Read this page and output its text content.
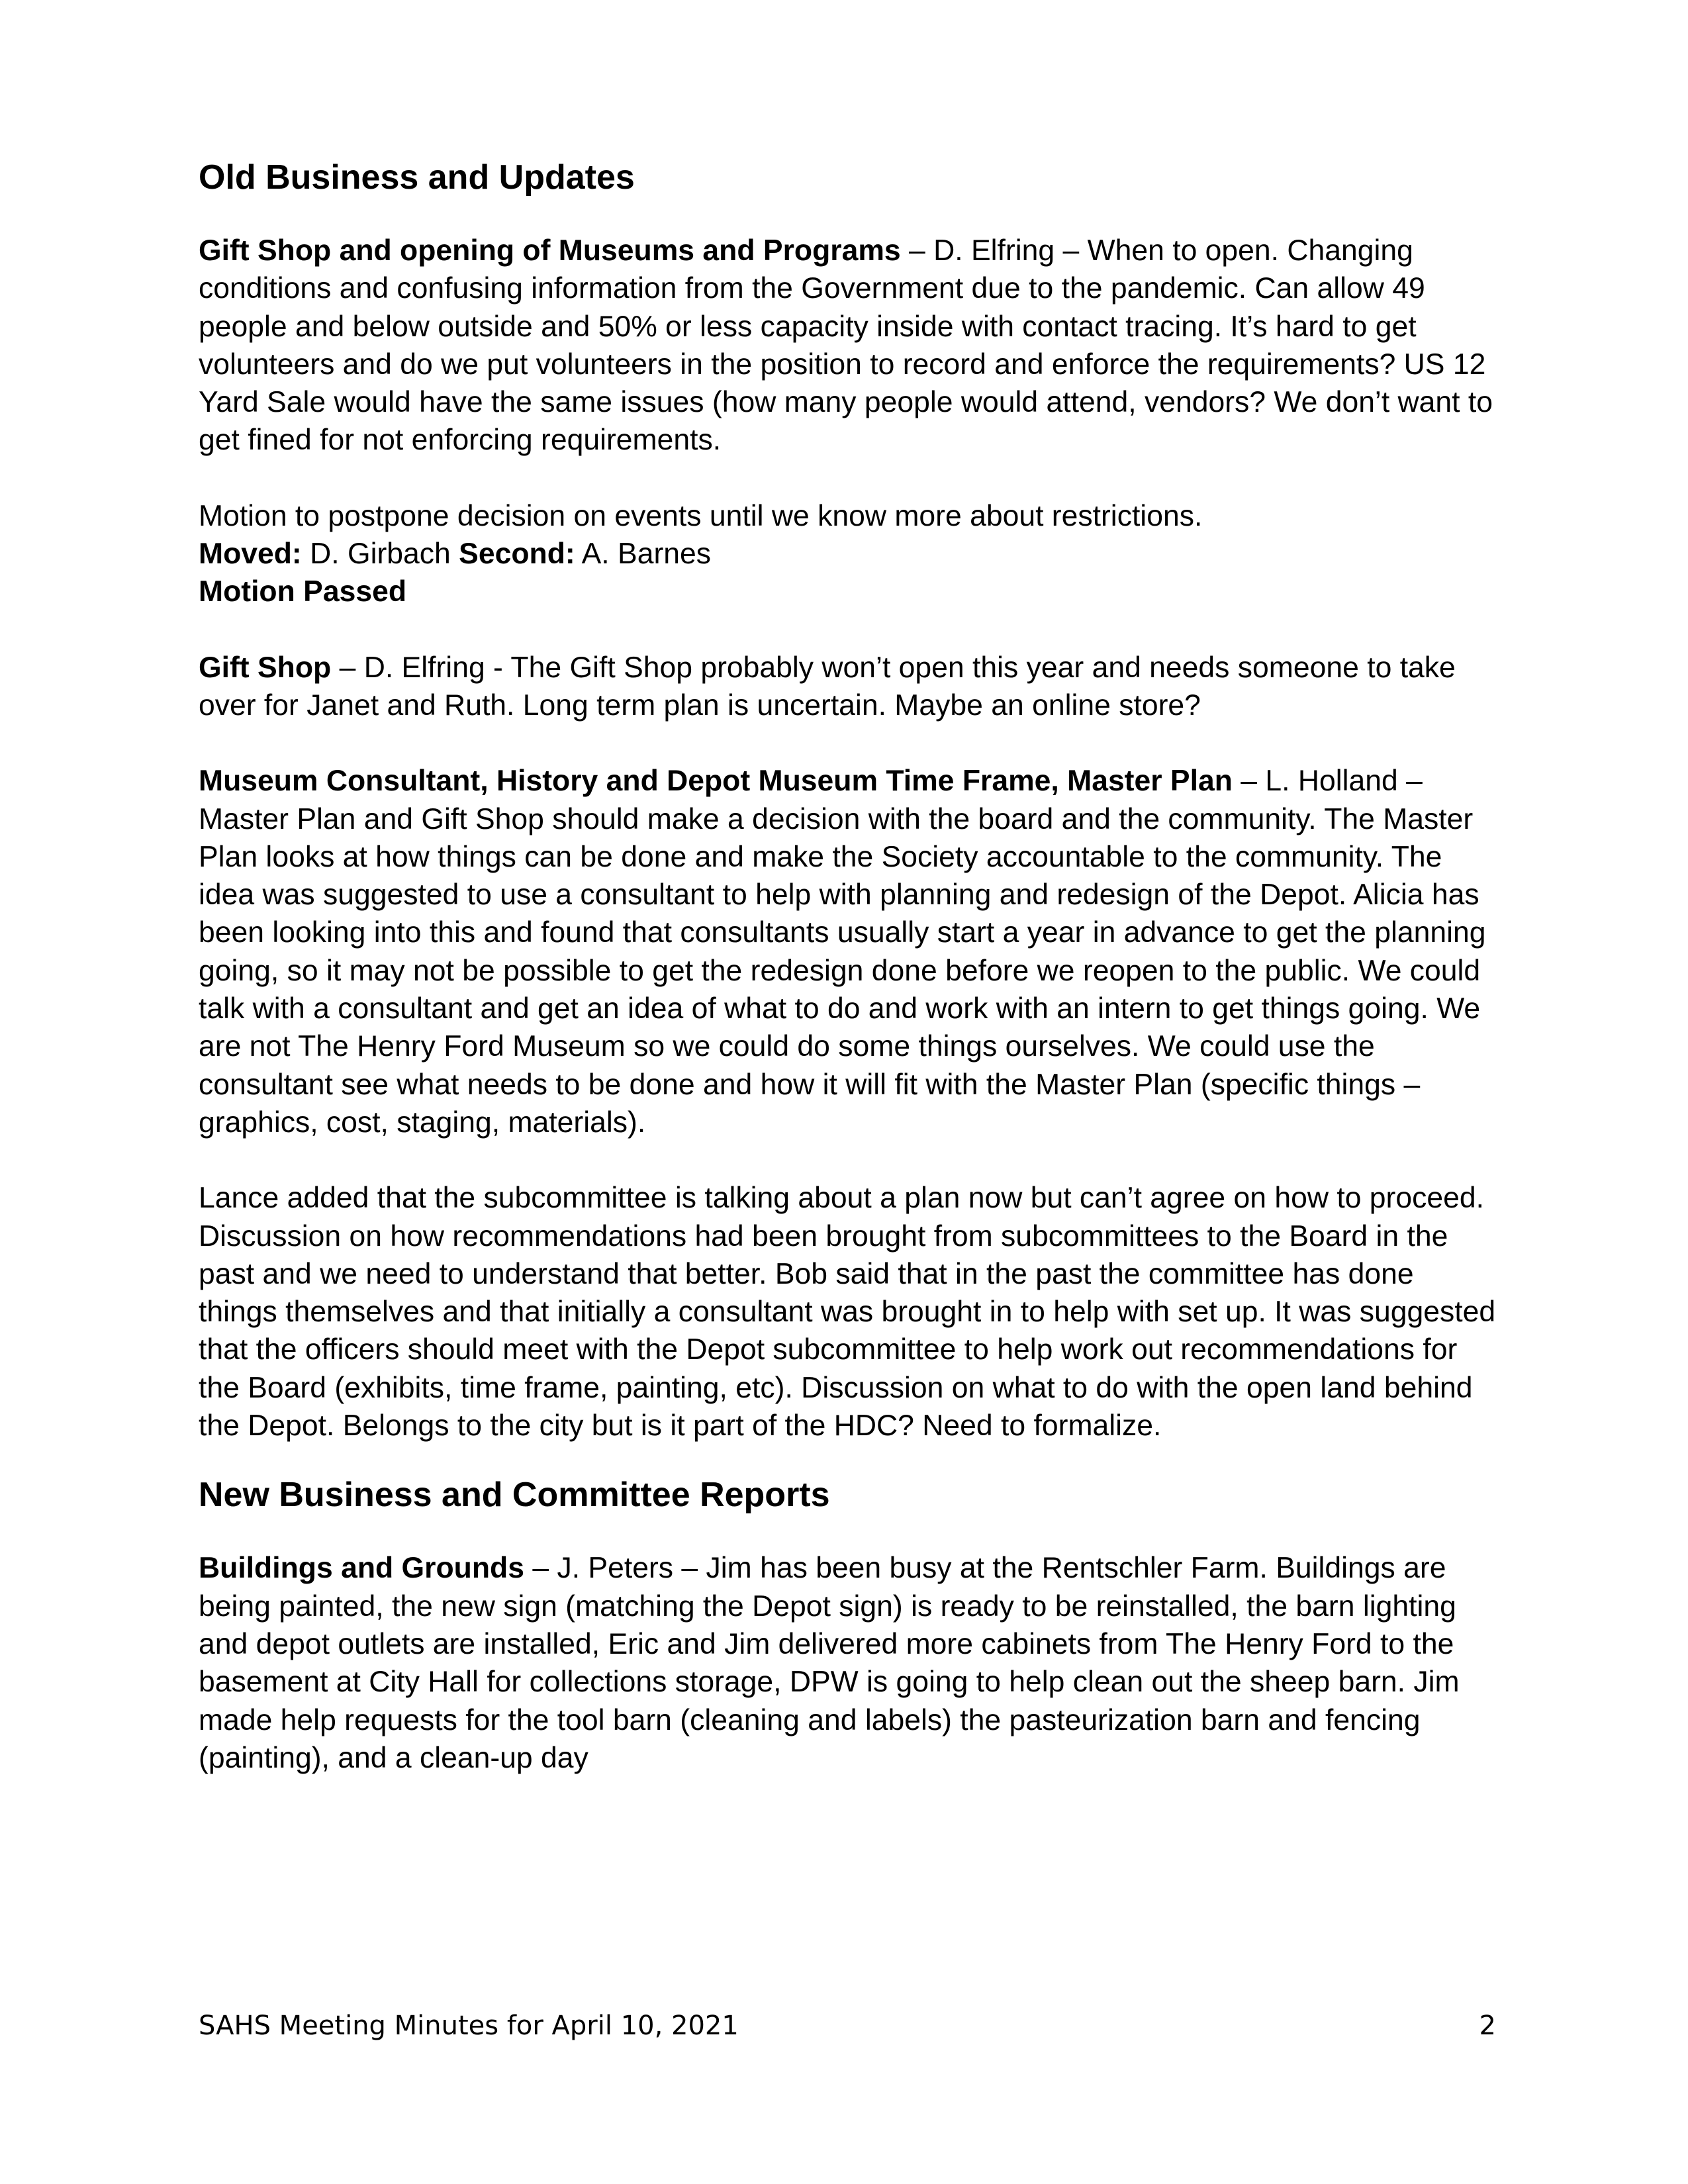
Old Business and Updates

Gift Shop and opening of Museums and Programs – D. Elfring – When to open. Changing conditions and confusing information from the Government due to the pandemic. Can allow 49 people and below outside and 50% or less capacity inside with contact tracing. It’s hard to get volunteers and do we put volunteers in the position to record and enforce the requirements? US 12 Yard Sale would have the same issues (how many people would attend, vendors? We don’t want to get fined for not enforcing requirements.

Motion to postpone decision on events until we know more about restrictions.

Moved: D. Girbach Second: A. Barnes

Motion Passed

Gift Shop – D. Elfring - The Gift Shop probably won’t open this year and needs someone to take over for Janet and Ruth. Long term plan is uncertain. Maybe an online store?

Museum Consultant, History and Depot Museum Time Frame, Master Plan – L. Holland – Master Plan and Gift Shop should make a decision with the board and the community. The Master Plan looks at how things can be done and make the Society accountable to the community. The idea was suggested to use a consultant to help with planning and redesign of the Depot. Alicia has been looking into this and found that consultants usually start a year in advance to get the planning going, so it may not be possible to get the redesign done before we reopen to the public. We could talk with a consultant and get an idea of what to do and work with an intern to get things going. We are not The Henry Ford Museum so we could do some things ourselves. We could use the consultant see what needs to be done and how it will fit with the Master Plan (specific things – graphics, cost, staging, materials).

Lance added that the subcommittee is talking about a plan now but can’t agree on how to proceed. Discussion on how recommendations had been brought from subcommittees to the Board in the past and we need to understand that better. Bob said that in the past the committee has done things themselves and that initially a consultant was brought in to help with set up. It was suggested that the officers should meet with the Depot subcommittee to help work out recommendations for the Board (exhibits, time frame, painting, etc). Discussion on what to do with the open land behind the Depot. Belongs to the city but is it part of the HDC? Need to formalize.

New Business and Committee Reports

Buildings and Grounds – J. Peters – Jim has been busy at the Rentschler Farm. Buildings are being painted, the new sign (matching the Depot sign) is ready to be reinstalled, the barn lighting and depot outlets are installed, Eric and Jim delivered more cabinets from The Henry Ford to the basement at City Hall for collections storage, DPW is going to help clean out the sheep barn. Jim made help requests for the tool barn (cleaning and labels) the pasteurization barn and fencing (painting), and a clean-up day

SAHS Meeting Minutes for April 10, 2021	2
